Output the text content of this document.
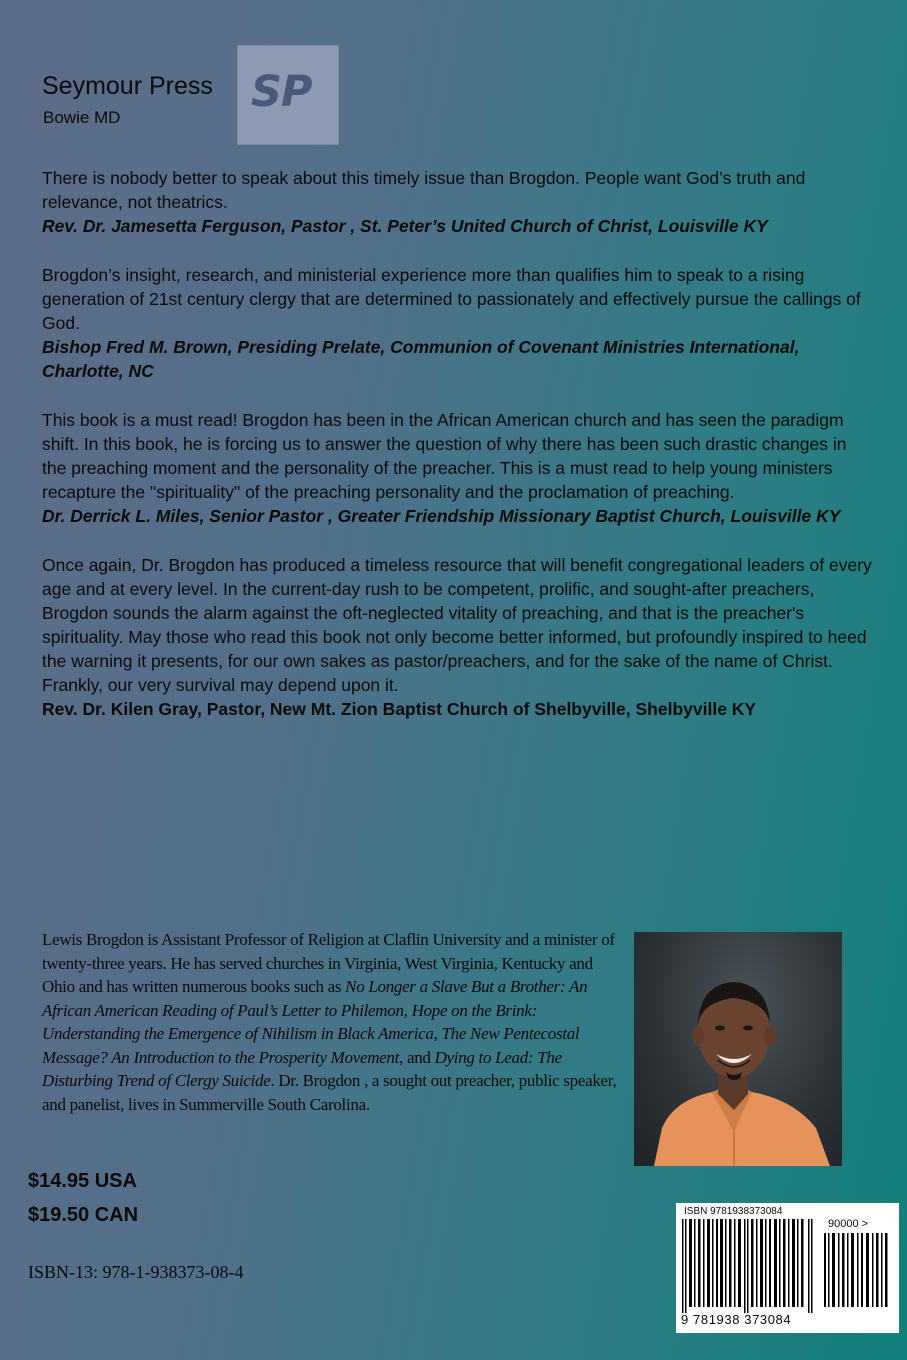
Seymour Press

Bowie MD

SP

There is nobody better to speak about this timely issue than Brogdon. People want God’s truth and relevance, not theatrics.

Rev. Dr. Jamesetta Ferguson, Pastor , St. Peter’s United Church of Christ, Louisville KY

Brogdon’s insight, research, and ministerial experience more than qualifies him to speak to a rising generation of 21st century clergy that are determined to passionately and effectively pursue the callings of God.

Bishop Fred M. Brown, Presiding Prelate, Communion of Covenant Ministries International, Charlotte, NC

This book is a must read! Brogdon has been in the African American church and has seen the paradigm shift. In this book, he is forcing us to answer the question of why there has been such drastic changes in the preaching moment and the personality of the preacher. This is a must read to help young ministers recapture the "spirituality" of the preaching personality and the proclamation of preaching.

Dr. Derrick L. Miles, Senior Pastor , Greater Friendship Missionary Baptist Church, Louisville KY

Once again, Dr. Brogdon has produced a timeless resource that will benefit congregational leaders of every age and at every level. In the current-day rush to be competent, prolific, and sought-after preachers, Brogdon sounds the alarm against the oft-neglected vitality of preaching, and that is the preacher's spirituality. May those who read this book not only become better informed, but profoundly inspired to heed the warning it presents, for our own sakes as pastor/preachers, and for the sake of the name of Christ. Frankly, our very survival may depend upon it.

Rev. Dr. Kilen Gray, Pastor, New Mt. Zion Baptist Church of Shelbyville, Shelbyville KY

Lewis Brogdon is Assistant Professor of Religion at Claflin University and a minister of twenty-three years. He has served churches in Virginia, West Virginia, Kentucky and Ohio and has written numerous books such as No Longer a Slave But a Brother: An African American Reading of Paul’s Letter to Philemon, Hope on the Brink: Understanding the Emergence of Nihilism in Black America, The New Pentecostal Message? An Introduction to the Prosperity Movement, and Dying to Lead: The Disturbing Trend of Clergy Suicide. Dr. Brogdon , a sought out preacher, public speaker, and panelist, lives in Summerville South Carolina.

$14.95 USA

$19.50 CAN

ISBN-13: 978-1-938373-08-4

ISBN 9781938373084

90000 >

9 781938 373084
